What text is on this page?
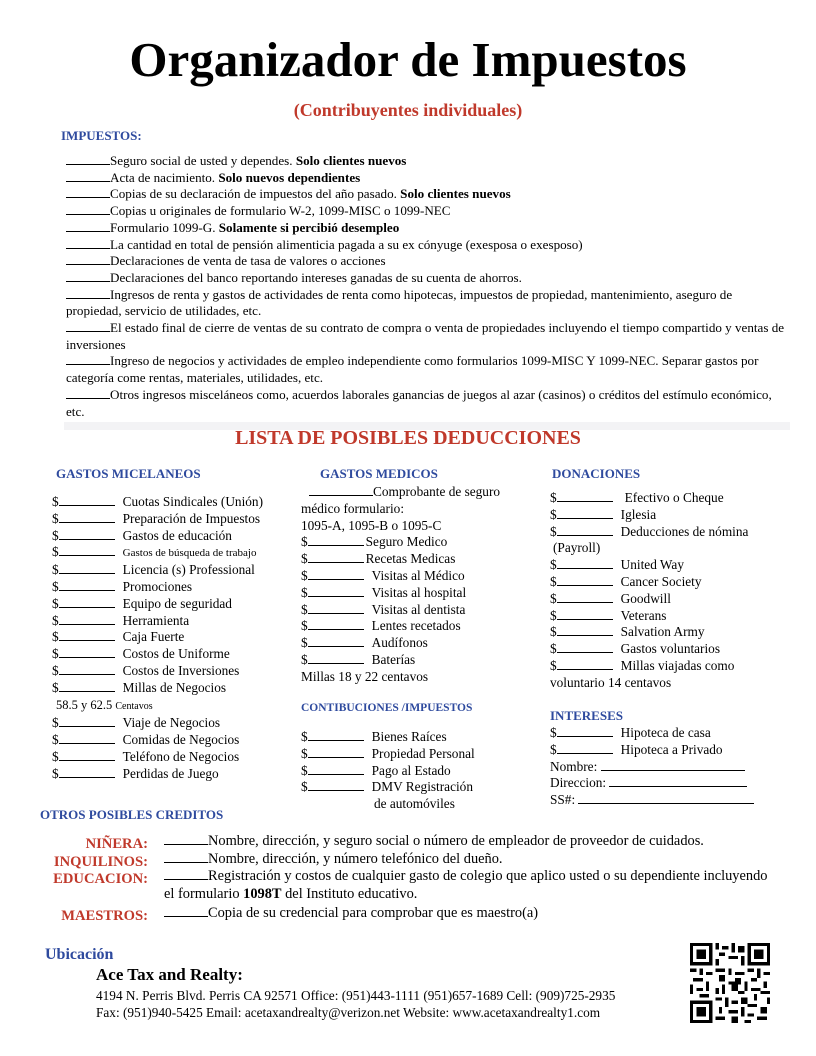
Organizador de Impuestos
(Contribuyentes individuales)
IMPUESTOS:
Seguro social de usted y dependes. Solo clientes nuevos
Acta de nacimiento. Solo nuevos dependientes
Copias de su declaración de impuestos del año pasado. Solo clientes nuevos
Copias u originales de formulario W-2, 1099-MISC o 1099-NEC
Formulario 1099-G. Solamente si percibió desempleo
La cantidad en total de pensión alimenticia pagada a su ex cónyuge (exesposa o exesposo)
Declaraciones de venta de tasa de valores o acciones
Declaraciones del banco reportando intereses ganadas de su cuenta de ahorros.
Ingresos de renta y gastos de actividades de renta como hipotecas, impuestos de propiedad, mantenimiento, aseguro de propiedad, servicio de utilidades, etc.
El estado final de cierre de ventas de su contrato de compra o venta de propiedades incluyendo el tiempo compartido y ventas de inversiones
Ingreso de negocios y actividades de empleo independiente como formularios 1099-MISC Y 1099-NEC. Separar gastos por categoría come rentas, materiales, utilidades, etc.
Otros ingresos misceláneos como, acuerdos laborales ganancias de juegos al azar (casinos) o créditos del estímulo económico, etc.
LISTA DE POSIBLES DEDUCCIONES
GASTOS MICELANEOS
$	Cuotas Sindicales (Unión)
$	Preparación de Impuestos
$	Gastos de educación
$	Gastos de búsqueda de trabajo
$	Licencia (s) Professional
$	Promociones
$	Equipo de seguridad
$	Herramienta
$	Caja Fuerte
$	Costos de Uniforme
$	Costos de Inversiones
$	Millas de Negocios
58.5 y 62.5 Centavos
$	Viaje de Negocios
$	Comidas de Negocios
$	Teléfono de Negocios
$	Perdidas de Juego
GASTOS MEDICOS
Comprobante de seguro
médico formulario:
1095-A, 1095-B o 1095-C
$	Seguro Medico
$	Recetas Medicas
$	Visitas al Médico
$	Visitas al hospital
$	Visitas al dentista
$	Lentes recetados
$	Audífonos
$	Baterías
Millas 18 y 22 centavos
CONTIBUCIONES /IMPUESTOS
$	Bienes Raíces
$	Propiedad Personal
$	Pago al Estado
$	DMV Registración
de automóviles
DONACIONES
$	Efectivo o Cheque
$	Iglesia
$	Deducciones de nómina
(Payroll)
$	United Way
$	Cancer Society
$	Goodwill
$	Veterans
$	Salvation Army
$	Gastos voluntarios
$	Millas viajadas como
voluntario 14 centavos
INTERESES
$	Hipoteca de casa
$	Hipoteca a Privado
Nombre:
Direccion:
SS#:
OTROS POSIBLES CREDITOS
NIÑERA:	Nombre, dirección, y seguro social o número de empleador de proveedor de cuidados.
INQUILINOS:	Nombre, dirección, y número telefónico del dueño.
EDUCACION:	Registración y costos de cualquier gasto de colegio que aplico usted o su dependiente incluyendo el formulario 1098T del Instituto educativo.
MAESTROS:	Copia de su credencial para comprobar que es maestro(a)
Ubicación
Ace Tax and Realty:
4194 N. Perris Blvd. Perris CA 92571 Office: (951)443-1111 (951)657-1689 Cell: (909)725-2935
Fax: (951)940-5425 Email: acetaxandrealty@verizon.net Website: www.acetaxandrealty1.com
